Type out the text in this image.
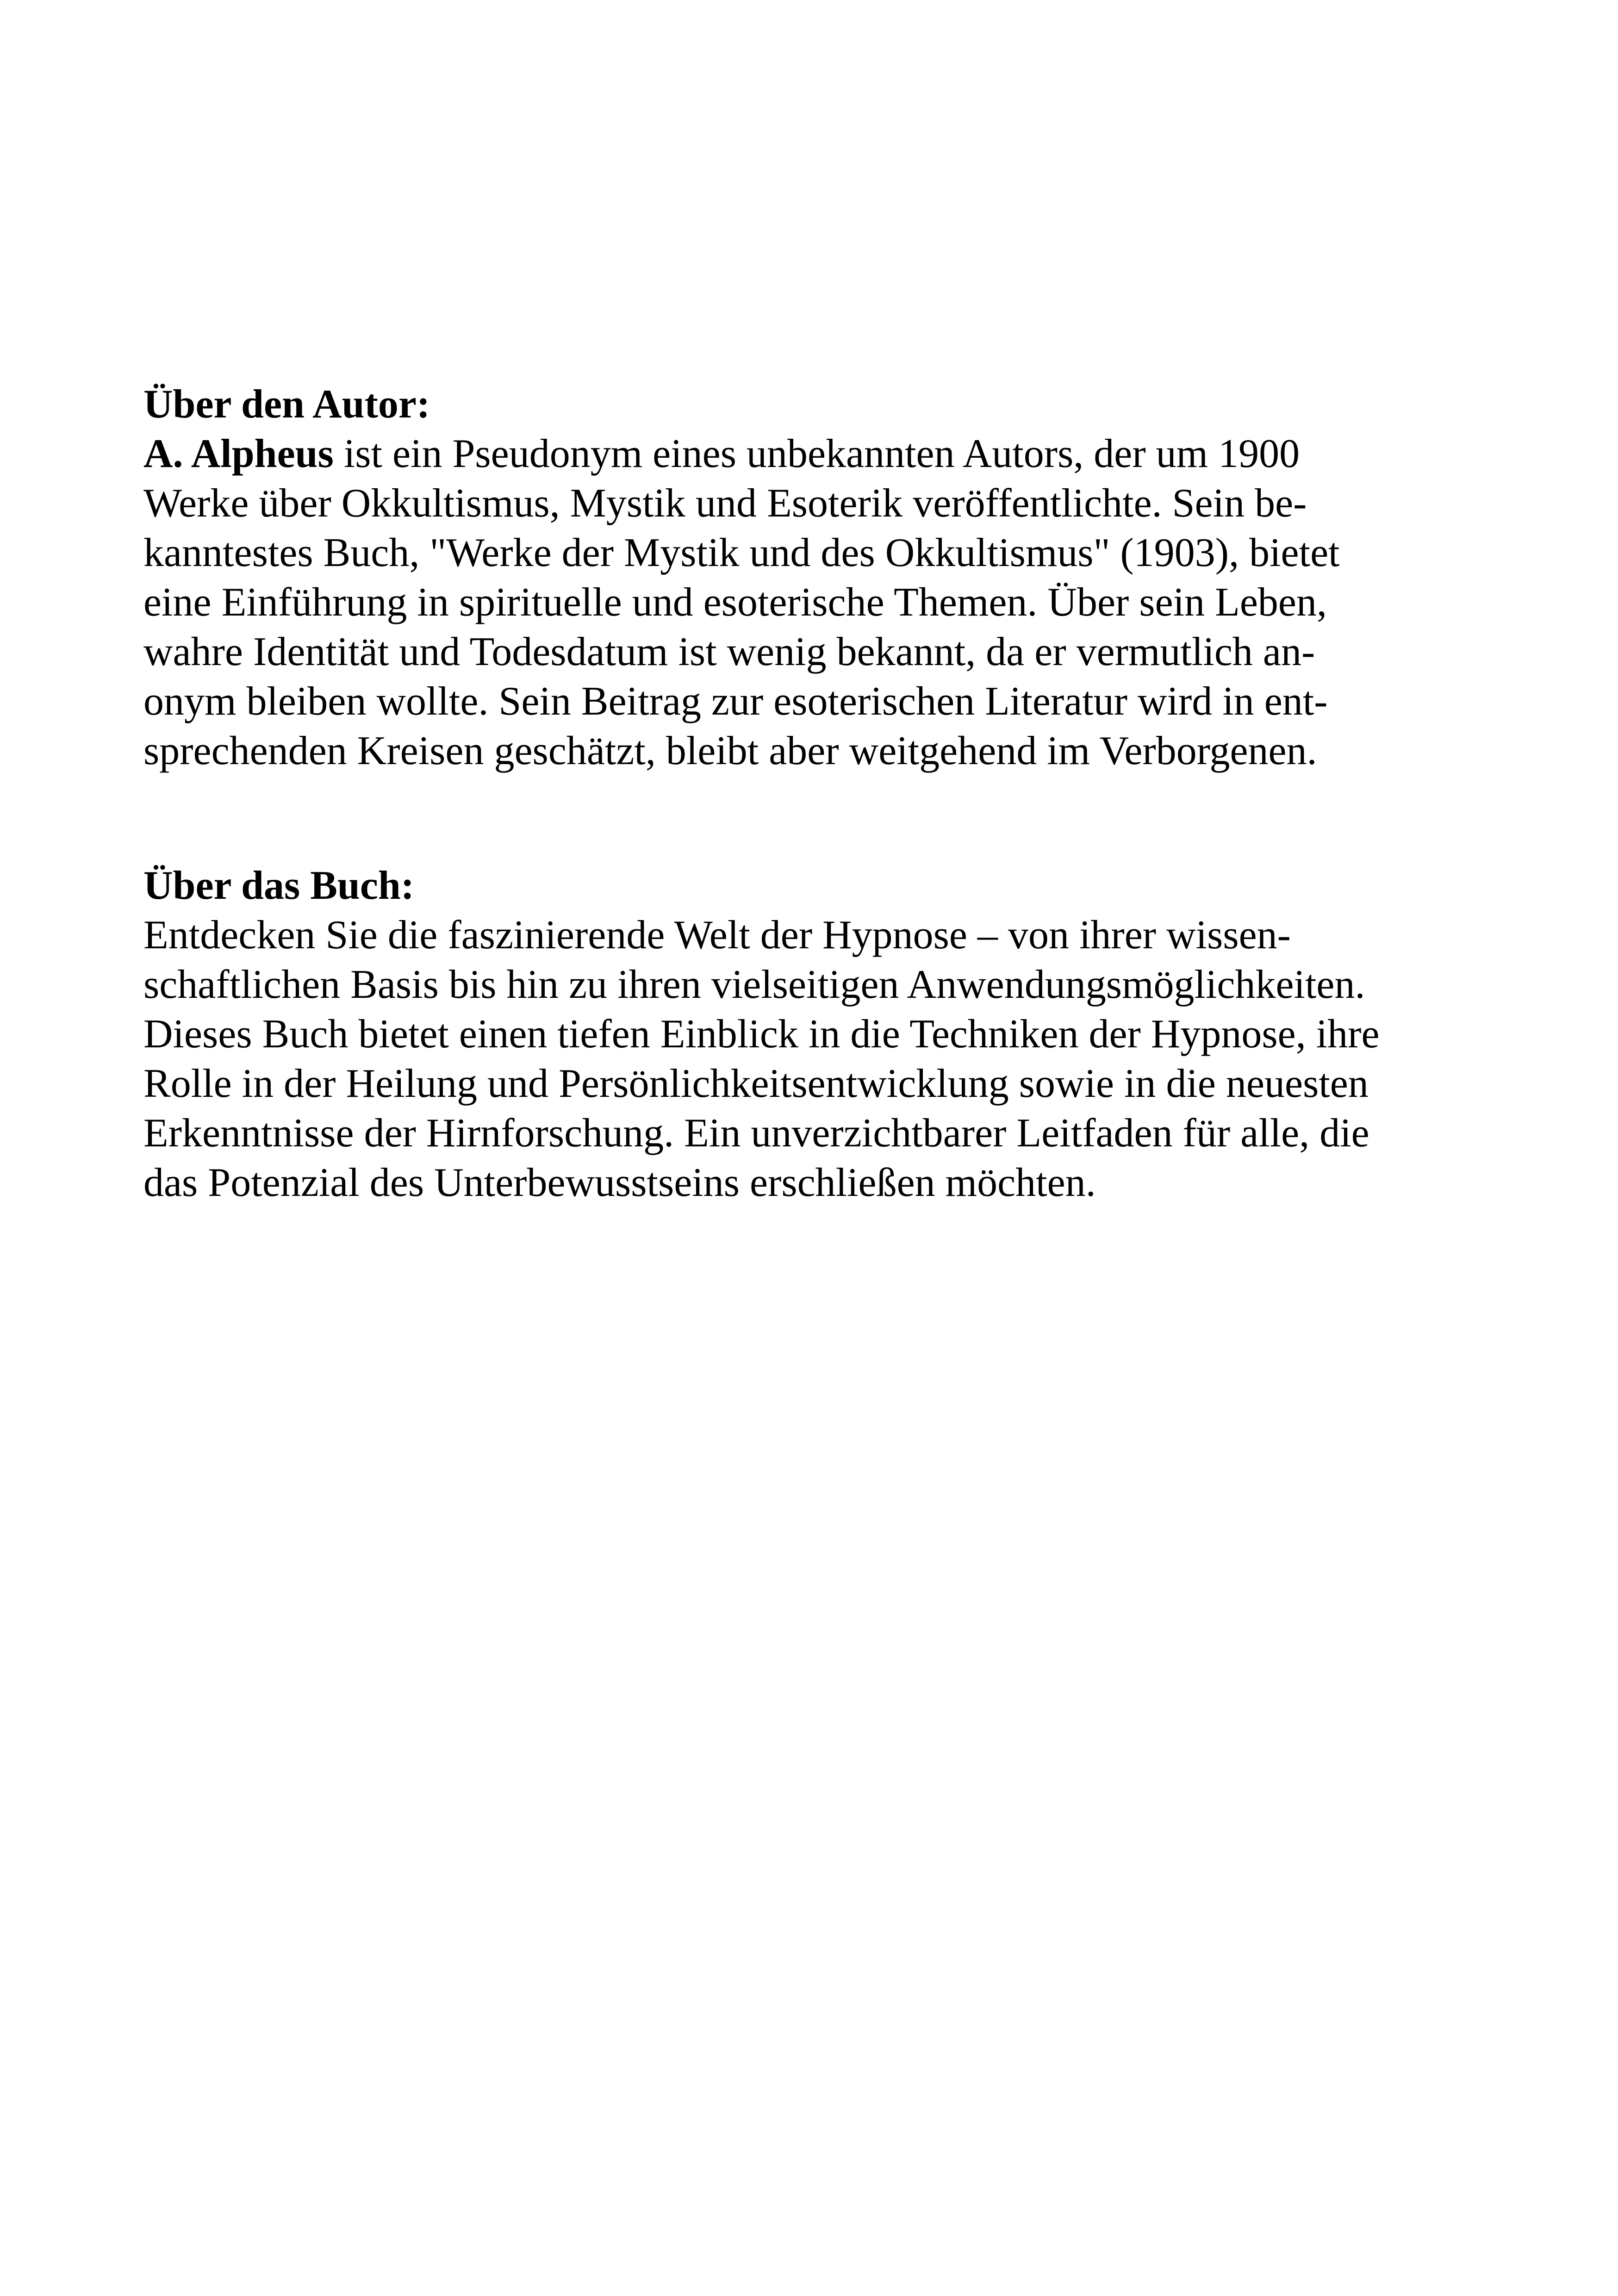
Über den Autor:
A. Alpheus ist ein Pseudonym eines unbekannten Autors, der um 1900
Werke über Okkultismus, Mystik und Esoterik veröffentlichte. Sein be-
kanntestes Buch, "Werke der Mystik und des Okkultismus" (1903), bietet
eine Einführung in spirituelle und esoterische Themen. Über sein Leben,
wahre Identität und Todesdatum ist wenig bekannt, da er vermutlich an-
onym bleiben wollte. Sein Beitrag zur esoterischen Literatur wird in ent-
sprechenden Kreisen geschätzt, bleibt aber weitgehend im Verborgenen.
Über das Buch:
Entdecken Sie die faszinierende Welt der Hypnose – von ihrer wissen-
schaftlichen Basis bis hin zu ihren vielseitigen Anwendungsmöglichkeiten.
Dieses Buch bietet einen tiefen Einblick in die Techniken der Hypnose, ihre
Rolle in der Heilung und Persönlichkeitsentwicklung sowie in die neuesten
Erkenntnisse der Hirnforschung. Ein unverzichtbarer Leitfaden für alle, die
das Potenzial des Unterbewusstseins erschließen möchten.
